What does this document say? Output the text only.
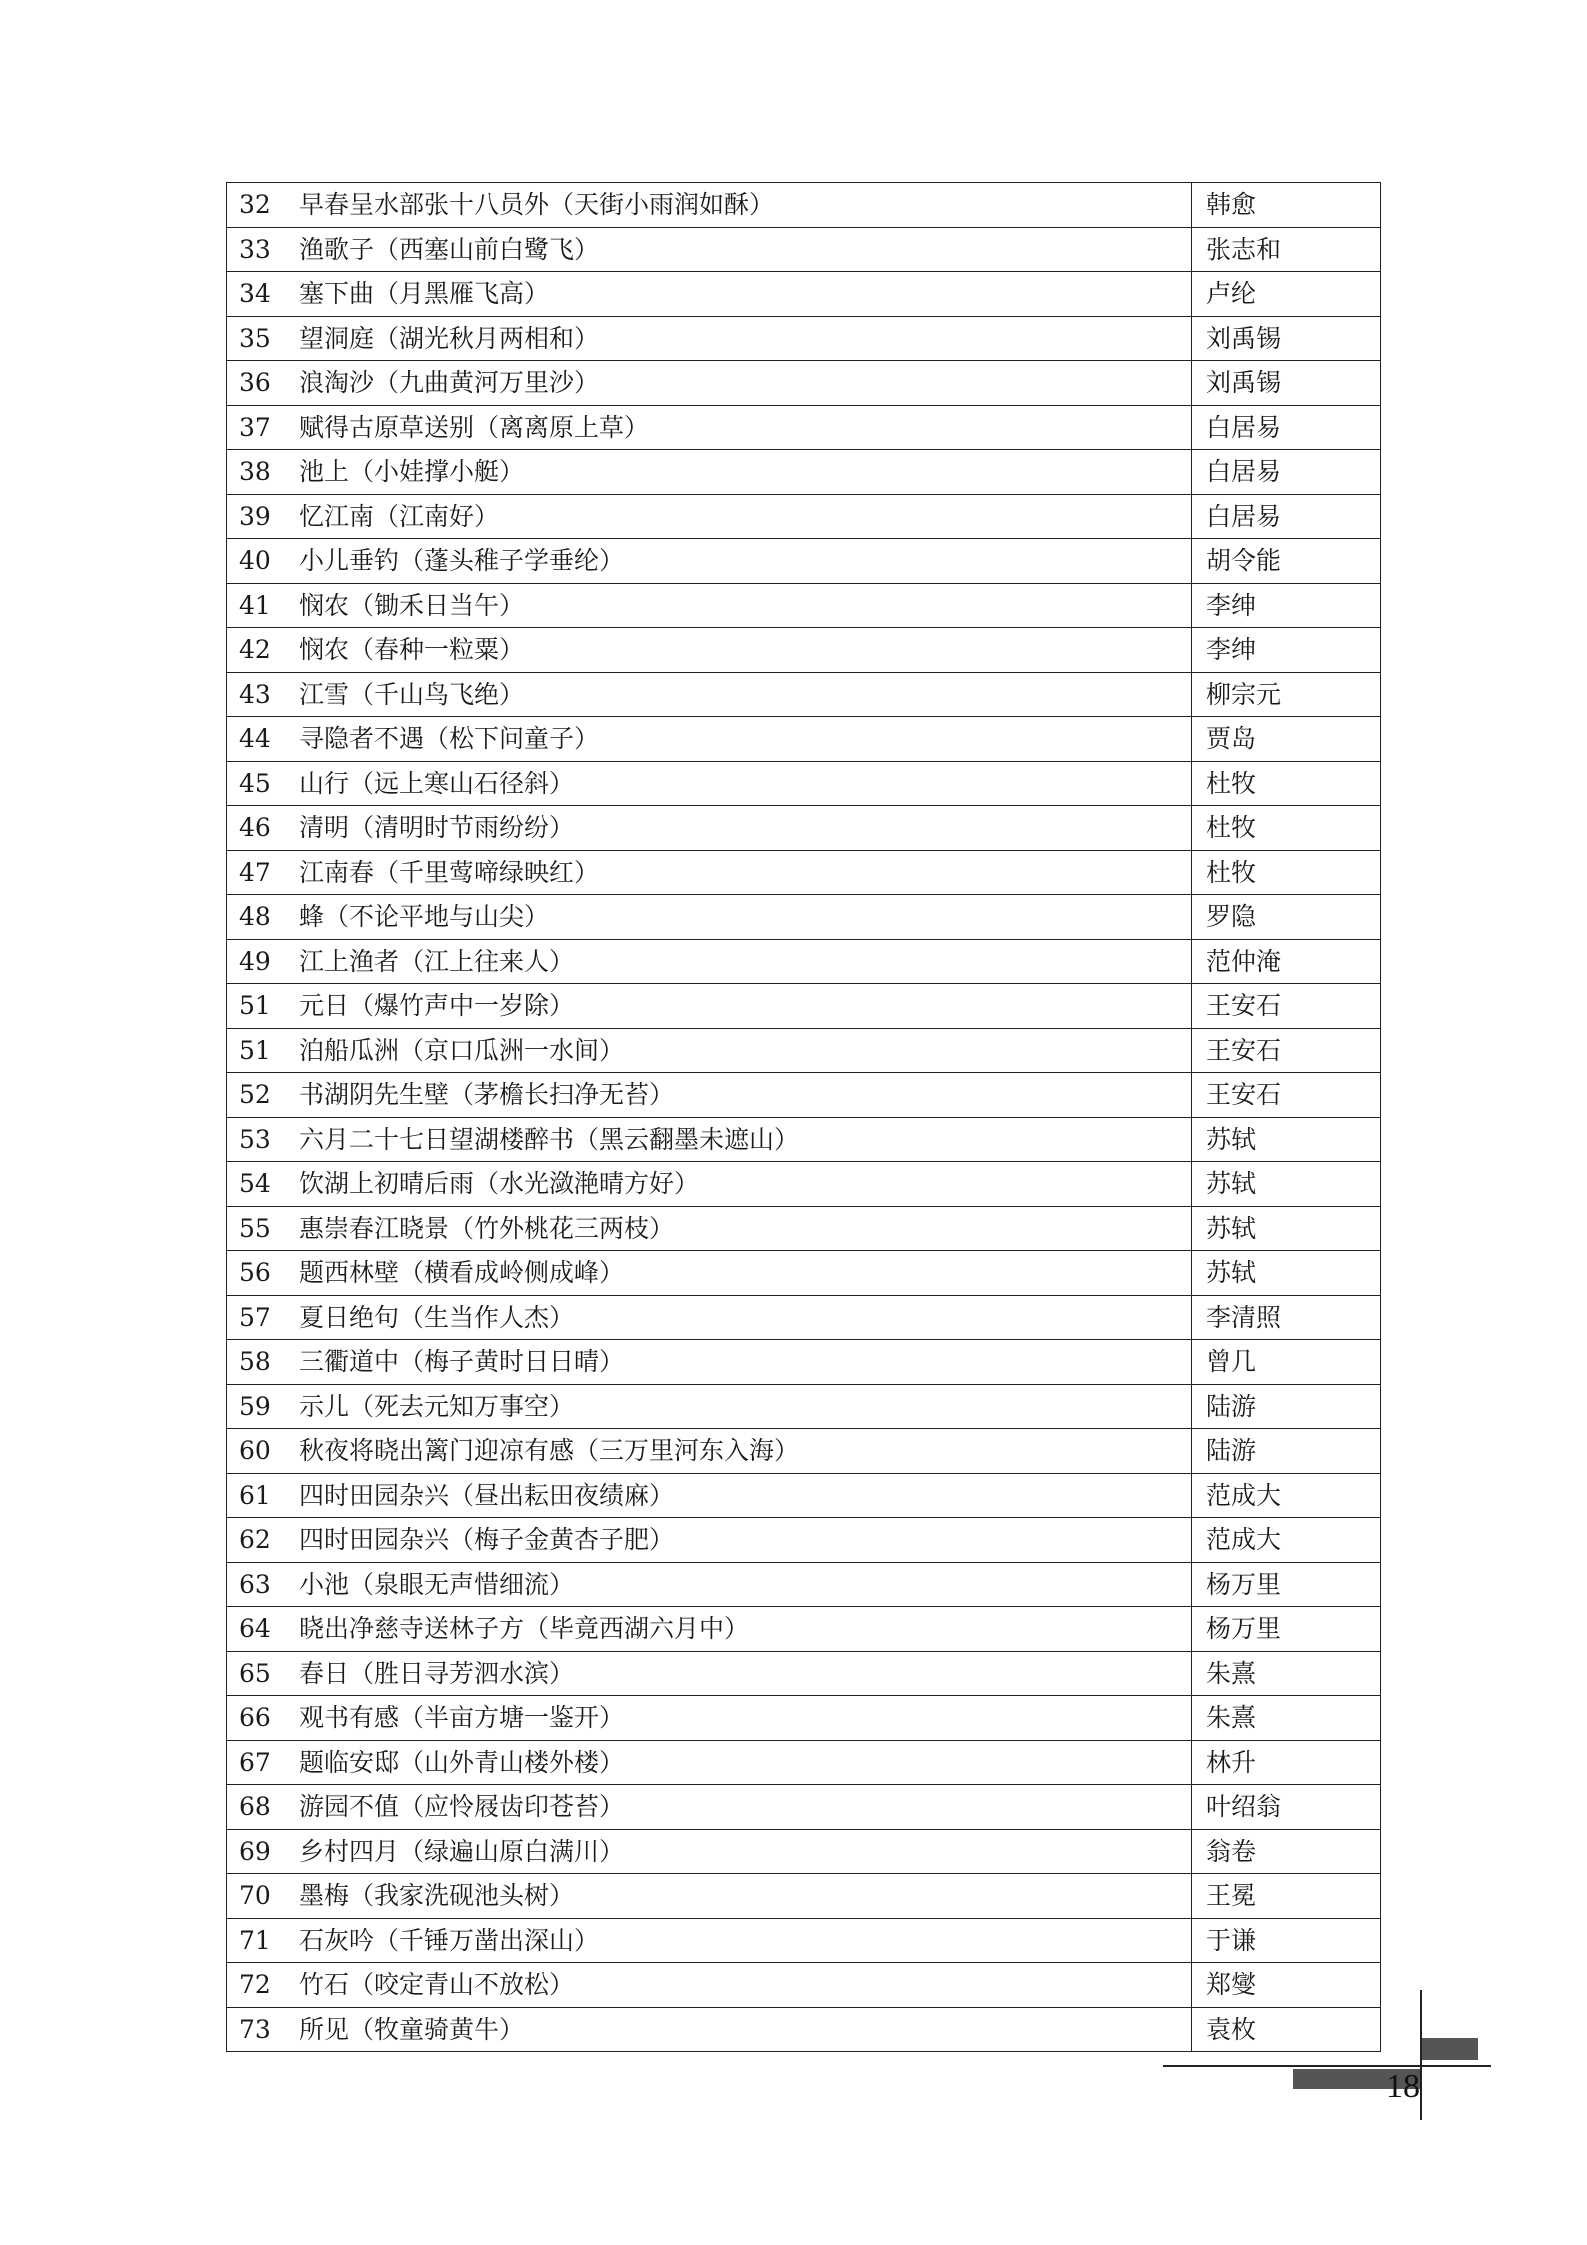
32 早春呈水部张十八员外（天街小雨润如酥）	韩愈
33 渔歌子（西塞山前白鹭飞）	张志和
34 塞下曲（月黑雁飞高）	卢纶
35 望洞庭（湖光秋月两相和）	刘禹锡
36 浪淘沙（九曲黄河万里沙）	刘禹锡
37 赋得古原草送别（离离原上草）	白居易
38 池上（小娃撑小艇）	白居易
39 忆江南（江南好）	白居易
40 小儿垂钓（蓬头稚子学垂纶）	胡令能
41 悯农（锄禾日当午）	李绅
42 悯农（春种一粒粟）	李绅
43 江雪（千山鸟飞绝）	柳宗元
44 寻隐者不遇（松下问童子）	贾岛
45 山行（远上寒山石径斜）	杜牧
46 清明（清明时节雨纷纷）	杜牧
47 江南春（千里莺啼绿映红）	杜牧
48 蜂（不论平地与山尖）	罗隐
49 江上渔者（江上往来人）	范仲淹
51 元日（爆竹声中一岁除）	王安石
51 泊船瓜洲（京口瓜洲一水间）	王安石
52 书湖阴先生壁（茅檐长扫净无苔）	王安石
53 六月二十七日望湖楼醉书（黑云翻墨未遮山）	苏轼
54 饮湖上初晴后雨（水光潋滟晴方好）	苏轼
55 惠崇春江晓景（竹外桃花三两枝）	苏轼
56 题西林壁（横看成岭侧成峰）	苏轼
57 夏日绝句（生当作人杰）	李清照
58 三衢道中（梅子黄时日日晴）	曾几
59 示儿（死去元知万事空）	陆游
60 秋夜将晓出篱门迎凉有感（三万里河东入海）	陆游
61 四时田园杂兴（昼出耘田夜绩麻）	范成大
62 四时田园杂兴（梅子金黄杏子肥）	范成大
63 小池（泉眼无声惜细流）	杨万里
64 晓出净慈寺送林子方（毕竟西湖六月中）	杨万里
65 春日（胜日寻芳泗水滨）	朱熹
66 观书有感（半亩方塘一鉴开）	朱熹
67 题临安邸（山外青山楼外楼）	林升
68 游园不值（应怜屐齿印苍苔）	叶绍翁
69 乡村四月（绿遍山原白满川）	翁卷
70 墨梅（我家洗砚池头树）	王冕
71 石灰吟（千锤万凿出深山）	于谦
72 竹石（咬定青山不放松）	郑燮
73 所见（牧童骑黄牛）	袁枚
18
